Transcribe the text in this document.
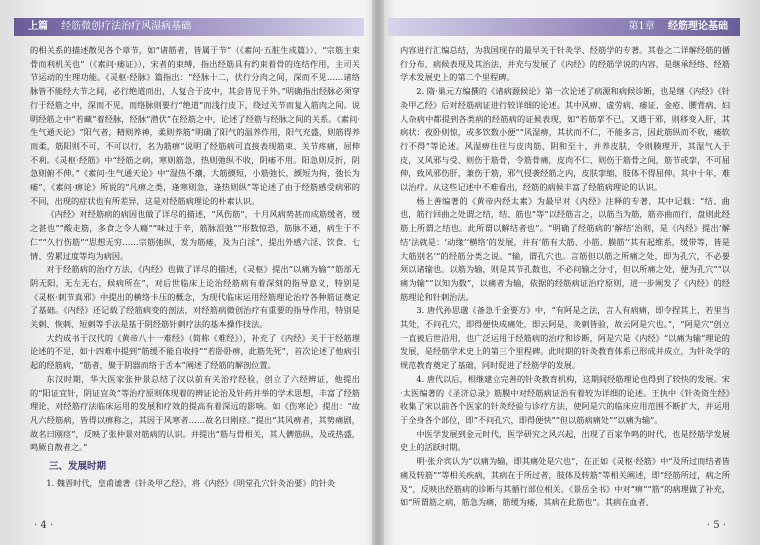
上篇 经筋微创疗法治疗风湿病基础

的相关系的描述散见各个章节，如“诸筋者，皆属于节”（《素问·五脏生成篇》）、“宗筋主束骨而利机关也”（《素问·痿证》），宋者的束缚，指出经筋具有约束着骨的连结作用，主司关节运动的生理功能。《灵枢·经脉》篇指出：“经脉十二，伏行分肉之间，深而不见……诸络脉皆不能经大节之间，必行绝道而出，人复合于皮中，其会皆见于外。”明确指出经脉必须穿行于经筋之中，深而不见，而络脉则要行“绝道”而浅行皮下，绕过关节而复入筋肉之间。说明经筋之中“若藏”着经脉，经脉“潜伏”在经筋之中，论述了经筋与经脉之间的关系。《素问·生气通天论》“阳气者，精则养神，柔则养筋”明确了阳气的温养作用，阳气充盛，则筋得养而柔，筋阳则不可，不可以行，名为筋痹”说明了经筋病可直接表现筋束、关节疼痛，屈伸不利。《灵枢·经筋》中“经筋之病，寒则筋急，热则弛纵不收，阴痿不用。阳急则反折，阴急则俯不伸。”《素问·生气通天论》中“湿热不攘，大筋緛短，小筋弛长，緛短为拘，弛长为痿”，《素问·痹论》所说的“凡痹之类，逢寒则急，逢热则纵”等论述了由于经筋感受病邪的不同，出现的症状也有所差异，这是对经筋病理论的朴素认识。

《内经》对经筋病的病因也做了详尽的描述，“风伤筋”，十月风病势甚而成筋缓者，缓之甚也”“酸走筋，多食之令人癃”“味过于辛，筋脉沮弛”“形数惊恐，筋脉不通，病生于不仁”“久行伤筋”“思想无穷……宗筋弛纵，发为筋痿，及为白淫”，提出外感六淫、饮食、七情、劳累过度等均为病因。

对于经筋病的治疗方法，《内经》也做了详尽的描述，《灵枢》提出“以痛为输”“筋部无阴无阳，无左无右，候病所在”，对后世临床上论治经筋病有着深刻的指导意义，特别是《灵枢·刺节真邪》中提出的横络卡压的概念，为现代临床运用经筋理论治疗各种筋证奠定了基础。《内经》还记载了经筋病变的剖法，对经筋病微创治疗有重要的指导作用，特别是关刺、恢刺、短刺等手法是基于阴经筋针刺疗法的基本操作技法。

大约成书于汉代的《黄帝八十一难经》（简称《难经》），补充了《内经》关于于经筋理论述的不足，如十四难中提到“筋缓不能自收持”“若卧卧痹，此筋先死”，首次论述了他病引起的经筋病，“筋者，聚于阴器而络于舌本”阐述了经筋的解剖位置。

东汉时期，华大医家张仲景总结了汉以前有关治疗经验，创立了六经辨证，他提出的“阳证宜针，阴证宜灸”等治疗原则体现着的辨证论治及针药并举的学术思想，丰富了经筋理论，对经筋疗法临床运用的发展和疗效的提高有着深远的影响。如《伤寒论》提出：“故凡六经筋病，皆得以痹称之，其因于风寒者……故名曰刚痉。”提出“其风痹者，其势痛剧，故名曰刚痉”，反映了张仲景对筋病的认识。并提出“筋与骨相关，其人髀筋纵，及或热盛，鸣厥自散者之。”

三、发展时期

1. 魏晋时代，皇甫谧著《针灸甲乙经》，将《内经》《明堂孔穴针灸治要》的针灸

· 4 ·
第1章 经筋理论基础

内容进行汇编总结，为我国现存的最早关于针灸学、经筋学的专著。其卷之二详解经筋的循行分布，病候表现及其治法，并充与发展了《内经》的经筋学说的内容，是继承经络、经筋学术发展史上的第二个里程碑。

2. 隋·巢元方编撰的《诸病源候论》第一次论述了病源和病候诊断，也是继《内经》《针灸甲乙经》后对经筋病证进行较详细的论述。其中风痹、虚劳病、痿证、金疮、腰背病、妇人杂病中都提到各类病的经筋病的证候表现，如“若筋挛不已，又遇于邪，则移变入肝，其病状：夜卧则惊，或多饮数小便”“风湿痹，其状而不仁，不能多言，因此筋纵而不收，痿软行不得”等论述。风湿痹往往与皮肉筋、阴和至十，并养皮肤，令则腠理开，其湿气入于皮，又风邪与受、则伤于筋骨，令筋骨痛，皮肉不仁、则伤于筋骨之间，筋节或挛，不可屈伸，致风邪伤肝，兼伤于筋，邪气侵袭经筋之内，皮肤挛缩，肢体不得屈伸。其中十年，难以治疗。从这些记述中不难看出，经筋的病候丰富了经筋病理论的认识。

杨上善编著的《黄帝内经太素》为最早对《内经》注释的专著，其中记载：“结、曲也，筋行回曲之处谓之结，结、筋也”等“以经筋言之，以筋当为筋，筋亦曲而行，盘则此经筋上所谓之结也。此所谓以解结者也”。“明确了经筋病的‘解结’治则，是《内经》提出‘解结’法就是：‘动缘’‘横络’的发展，并有‘筋有大筋、小筋、膜筋’‘其有起维系，缓带等，皆是大筋别名’”的经筋分类之说。“输，谓孔穴也。言筋但以筋之所痛之处，即为孔穴，不必要须以诸输也。以筋为输，则是其节孔数也，不必问输之分寸，但以所痛之处，便为孔穴”“以痛为输”“以知为数”，以痛者为输，依据的经筋病证治疗原则，进一步阐发了《内经》的经筋理论和针刺治法。

3. 唐代孙思邈《备急千金要方》中，“有阿是之法，言人有病痛，即令捏其上，若里当其处，不问孔穴，即得便快成痛处，即云阿是，灸刺皆验，故云阿是穴也。”，“阿是穴”创立一直被后世沿用，也广泛运用于经筋病的治疗和诊断，阿是穴是《内经》“以痛为输”理论的发展，是经筋学术史上的第三个里程碑。此时期的针灸教育体系已形成并成立，为针灸学的规范教育奠定了基础，同时促进了经筋学的发展。

4. 唐代以后，相继建立完善的针灸教育机构，这期间经筋理论也得到了较快的发展。宋·太医编著的《圣济总录》筋膜中对经筋病证治有着较为详细的论述。王执中《针灸资生经》收集了宋以前各个医家的针灸经验与诊疗方法，使阿是穴的临床应用范围不断扩大，并运用于全身各个部位，即“不问孔穴，即得便快”“但以筋病痛处”“以痛为输”。

中医学发展到金元时代，医学研究之风兴起，出现了百家争鸣的时代，也是经筋学发展史上的活跃时期。

明·张介宾认为“以痛为输，即其痛处是穴也”，在正如《灵枢·经筋》中“及所过而结者皆痛及转筋”“等相关疾病，其病在于所过者，肢体及转筋”等相关阐述，即“经筋所过，病之所及”，反映出经筋病的诊断与其循行部位相关。《景岳全书》中对“痹”“筋”的病理做了补充，如“所谓筋之病，筋急为痛，筋缓为痿，其病在此筋也”。其病在血者、

· 5 ·
